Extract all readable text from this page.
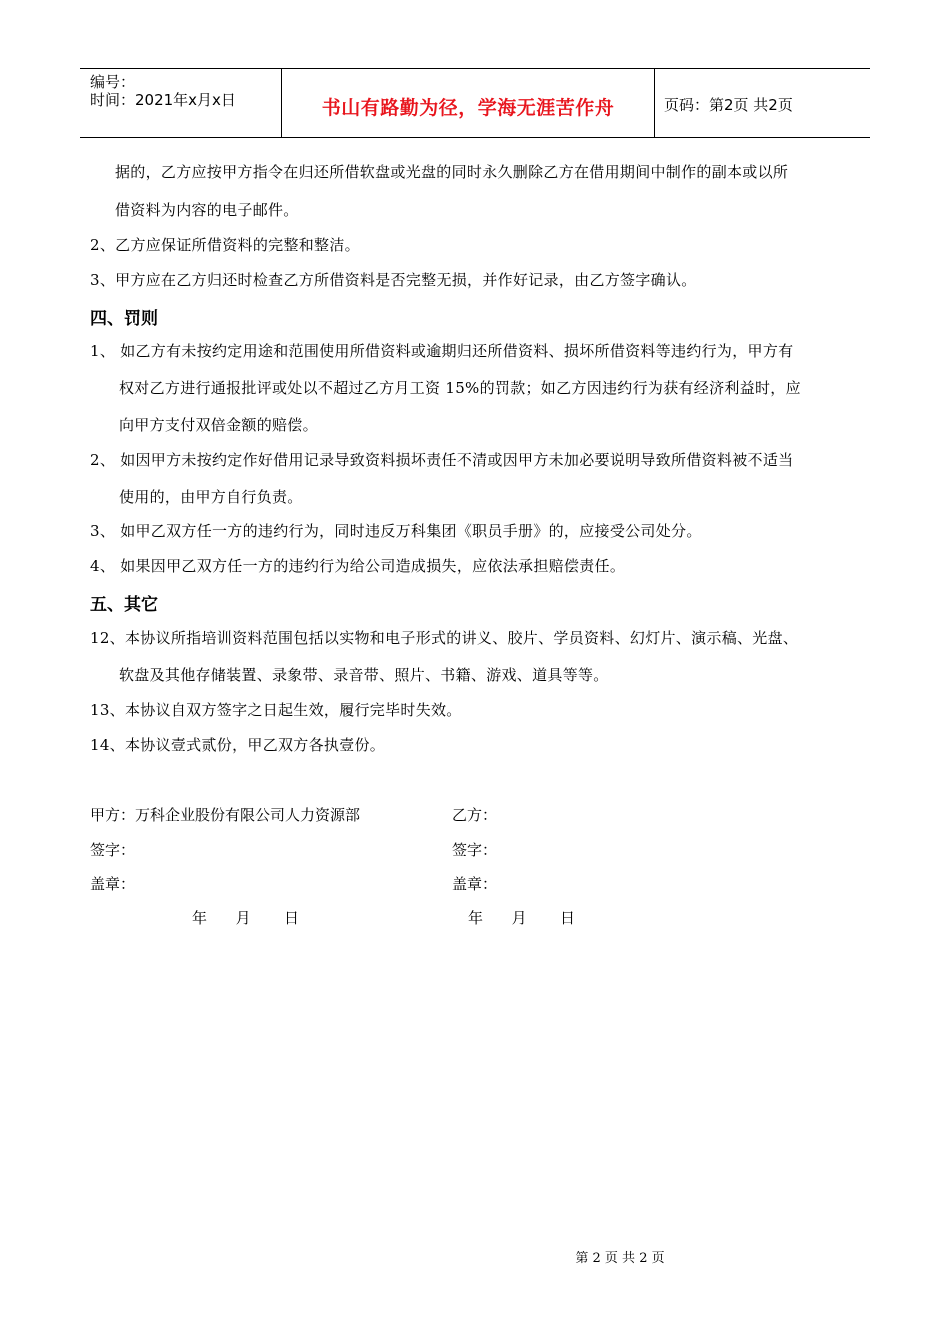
编号：
时间：2021年x月x日	书山有路勤为径，学海无涯苦作舟	页码：第2页 共2页
据的，乙方应按甲方指令在归还所借软盘或光盘的同时永久删除乙方在借用期间中制作的副本或以所
借资料为内容的电子邮件。
2、乙方应保证所借资料的完整和整洁。
3、甲方应在乙方归还时检查乙方所借资料是否完整无损，并作好记录，由乙方签字确认。
四、罚则
1、 如乙方有未按约定用途和范围使用所借资料或逾期归还所借资料、损坏所借资料等违约行为，甲方有
权对乙方进行通报批评或处以不超过乙方月工资 15%的罚款；如乙方因违约行为获有经济利益时，应
向甲方支付双倍金额的赔偿。
2、 如因甲方未按约定作好借用记录导致资料损坏责任不清或因甲方未加必要说明导致所借资料被不适当
使用的，由甲方自行负责。
3、 如甲乙双方任一方的违约行为，同时违反万科集团《职员手册》的，应接受公司处分。
4、 如果因甲乙双方任一方的违约行为给公司造成损失，应依法承担赔偿责任。
五、其它
12、本协议所指培训资料范围包括以实物和电子形式的讲义、胶片、学员资料、幻灯片、演示稿、光盘、
软盘及其他存储装置、录象带、录音带、照片、书籍、游戏、道具等等。
13、本协议自双方签字之日起生效，履行完毕时失效。
14、本协议壹式贰份，甲乙双方各执壹份。
甲方：万科企业股份有限公司人力资源部	乙方：
签字：	签字：
盖章：	盖章：
年      月       日	年      月       日
第 2 页 共 2 页
